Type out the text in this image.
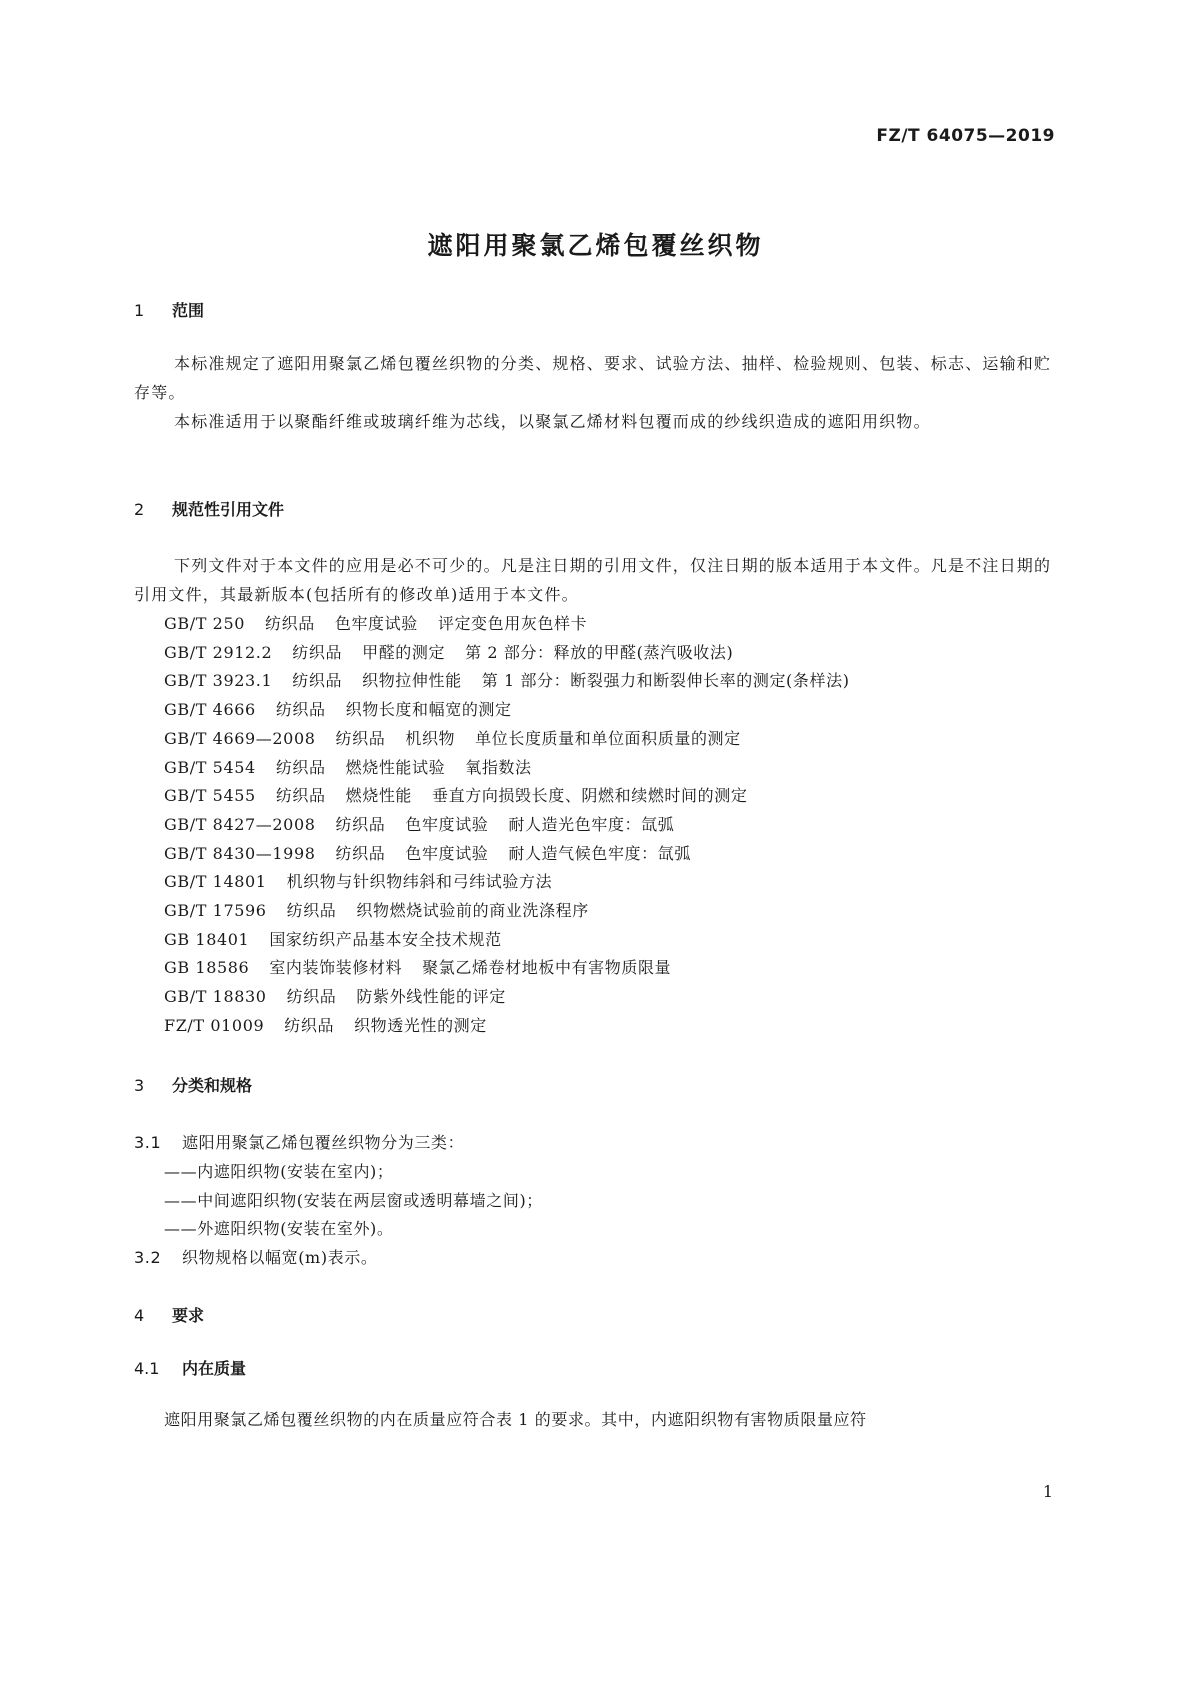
FZ/T 64075—2019
遮阳用聚氯乙烯包覆丝织物
1 范围
本标准规定了遮阳用聚氯乙烯包覆丝织物的分类、规格、要求、试验方法、抽样、检验规则、包装、标志、运输和贮存等。
本标准适用于以聚酯纤维或玻璃纤维为芯线，以聚氯乙烯材料包覆而成的纱线织造成的遮阳用织物。
2 规范性引用文件
下列文件对于本文件的应用是必不可少的。凡是注日期的引用文件，仅注日期的版本适用于本文件。凡是不注日期的引用文件，其最新版本(包括所有的修改单)适用于本文件。
GB/T 250 纺织品 色牢度试验 评定变色用灰色样卡
GB/T 2912.2 纺织品 甲醛的测定 第 2 部分：释放的甲醛(蒸汽吸收法)
GB/T 3923.1 纺织品 织物拉伸性能 第 1 部分：断裂强力和断裂伸长率的测定(条样法)
GB/T 4666 纺织品 织物长度和幅宽的测定
GB/T 4669—2008 纺织品 机织物 单位长度质量和单位面积质量的测定
GB/T 5454 纺织品 燃烧性能试验 氧指数法
GB/T 5455 纺织品 燃烧性能 垂直方向损毁长度、阴燃和续燃时间的测定
GB/T 8427—2008 纺织品 色牢度试验 耐人造光色牢度：氙弧
GB/T 8430—1998 纺织品 色牢度试验 耐人造气候色牢度：氙弧
GB/T 14801 机织物与针织物纬斜和弓纬试验方法
GB/T 17596 纺织品 织物燃烧试验前的商业洗涤程序
GB 18401 国家纺织产品基本安全技术规范
GB 18586 室内装饰装修材料 聚氯乙烯卷材地板中有害物质限量
GB/T 18830 纺织品 防紫外线性能的评定
FZ/T 01009 纺织品 织物透光性的测定
3 分类和规格
3.1 遮阳用聚氯乙烯包覆丝织物分为三类：
——内遮阳织物(安装在室内)；
——中间遮阳织物(安装在两层窗或透明幕墙之间)；
——外遮阳织物(安装在室外)。
3.2 织物规格以幅宽(m)表示。
4 要求
4.1 内在质量
遮阳用聚氯乙烯包覆丝织物的内在质量应符合表 1 的要求。其中，内遮阳织物有害物质限量应符
1
